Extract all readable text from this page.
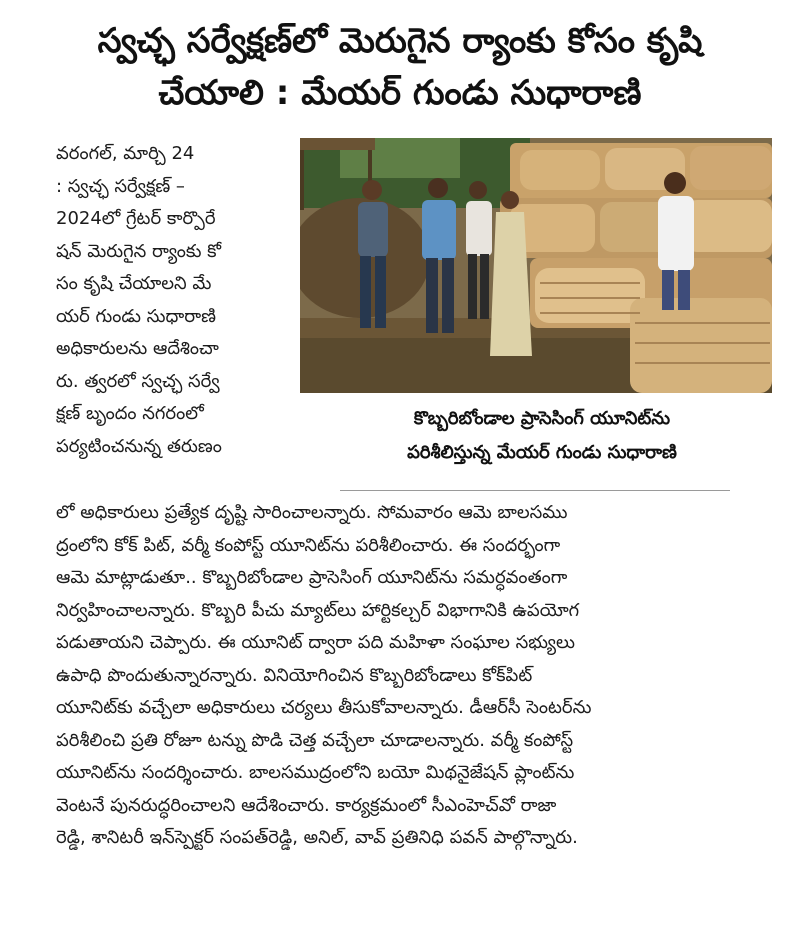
స్వచ్ఛ సర్వేక్షణ్‌లో మెరుగైన ర్యాంకు కోసం కృషి
చేయాలి : మేయర్ గుండు సుధారాణి
వరంగల్, మార్చి 24
: స్వచ్ఛ సర్వేక్షణ్ –
2024లో గ్రేటర్ కార్పొరే
షన్ మెరుగైన ర్యాంకు కో
సం కృషి చేయాలని మే
యర్ గుండు సుధారాణి
అధికారులను ఆదేశించా
రు. త్వరలో స్వచ్ఛ సర్వే
క్షణ్ బృందం నగరంలో
పర్యటించనున్న తరుణం
కొబ్బరిబోండాల ప్రాసెసింగ్ యూనిట్‌ను
పరిశీలిస్తున్న మేయర్ గుండు సుధారాణి
లో అధికారులు ప్రత్యేక దృష్టి సారించాలన్నారు. సోమవారం ఆమె బాలసము
ద్రంలోని కోక్ పిట్, వర్మీ కంపోస్ట్ యూనిట్‌ను పరిశీలించారు. ఈ సందర్భంగా
ఆమె మాట్లాడుతూ.. కొబ్బరిబోండాల ప్రాసెసింగ్ యూనిట్‌ను సమర్ధవంతంగా
నిర్వహించాలన్నారు. కొబ్బరి పీచు మ్యాట్‌లు హార్టికల్చర్ విభాగానికి ఉపయోగ
పడుతాయని చెప్పారు. ఈ యూనిట్ ద్వారా పది మహిళా సంఘాల సభ్యులు
ఉపాధి పొందుతున్నారన్నారు. వినియోగించిన కొబ్బరిబోండాలు కోక్‌పిట్
యూనిట్‌కు వచ్చేలా అధికారులు చర్యలు తీసుకోవాలన్నారు. డీఆర్‌సీ సెంటర్‌ను
పరిశీలించి ప్రతి రోజూ టన్ను పొడి చెత్త వచ్చేలా చూడాలన్నారు. వర్మీ కంపోస్ట్
యూనిట్‌ను సందర్శించారు. బాలసముద్రంలోని బయో మిథనైజేషన్ ప్లాంట్‌ను
వెంటనే పునరుద్ధరించాలని ఆదేశించారు. కార్యక్రమంలో సీఎంహెచ్‌వో రాజా
రెడ్డి, శానిటరీ ఇన్‌స్పెక్టర్ సంపత్‌రెడ్డి, అనిల్, వావ్ ప్రతినిధి పవన్ పాల్గొన్నారు.
